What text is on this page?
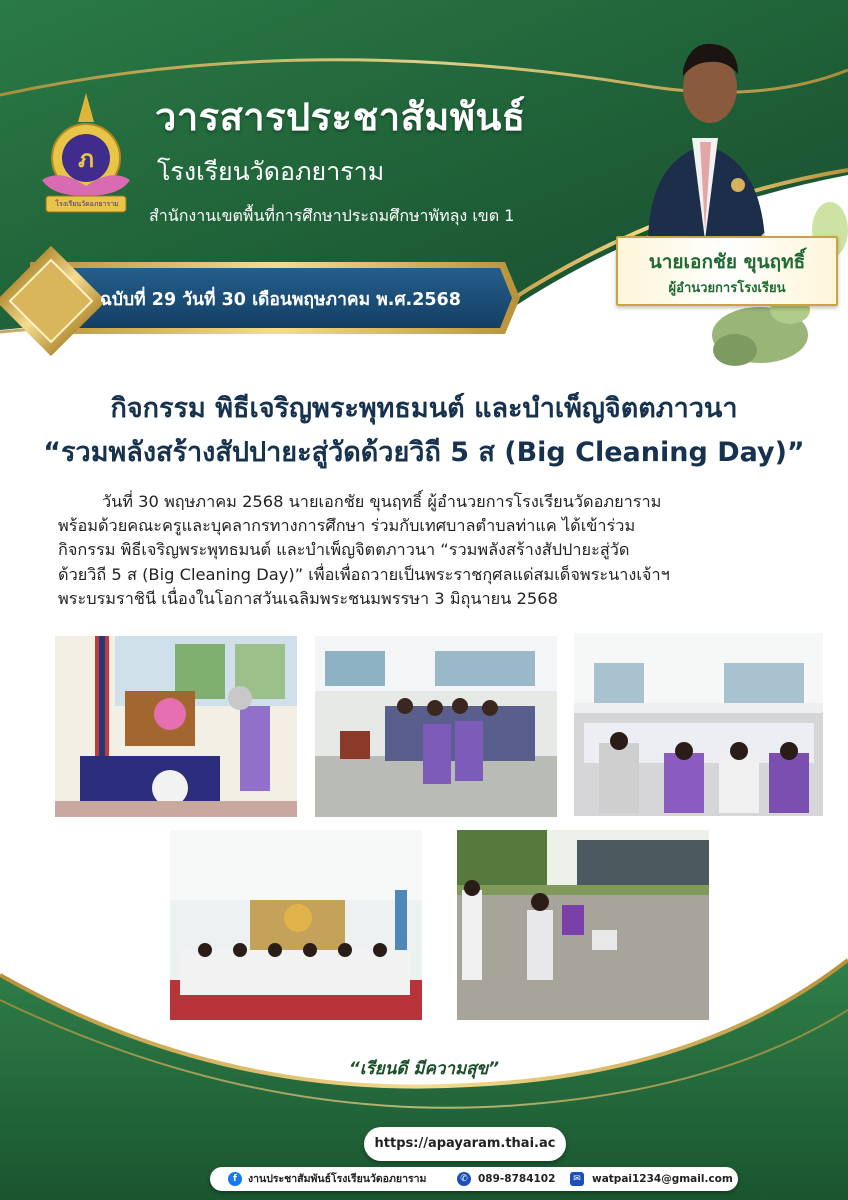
ภ
วารสารประชาสัมพันธ์
โรงเรียนวัดอภยาราม
สำนักงานเขตพื้นที่การศึกษาประถมศึกษาพัทลุง เขต 1
ฉบับที่ 29 วันที่ 30 เดือนพฤษภาคม พ.ศ.2568
โรงเรียนวัดอภยาราม
นายเอกชัย ขุนฤทธิ์
ผู้อำนวยการโรงเรียน
กิจกรรม พิธีเจริญพระพุทธมนต์ และบำเพ็ญจิตตภาวนา
“รวมพลังสร้างสัปปายะสู่วัดด้วยวิถี 5 ส (Big Cleaning Day)”
วันที่ 30 พฤษภาคม 2568 นายเอกชัย ขุนฤทธิ์ ผู้อำนวยการโรงเรียนวัดอภยาราม
พร้อมด้วยคณะครูและบุคลากรทางการศึกษา ร่วมกับเทศบาลตำบลท่าแค ได้เข้าร่วม
กิจกรรม พิธีเจริญพระพุทธมนต์ และบำเพ็ญจิตตภาวนา “รวมพลังสร้างสัปปายะสู่วัด
ด้วยวิถี 5 ส (Big Cleaning Day)” เพื่อเพื่อถวายเป็นพระราชกุศลแด่สมเด็จพระนางเจ้าฯ
พระบรมราชินี เนื่องในโอกาสวันเฉลิมพระชนมพรรษา 3 มิถุนายน 2568
“เรียนดี มีความสุข”
https://apayaram.thai.ac
f	งานประชาสัมพันธ์โรงเรียนวัดอภยาราม	✆ 089-8784102	✉	watpai1234@gmail.com
